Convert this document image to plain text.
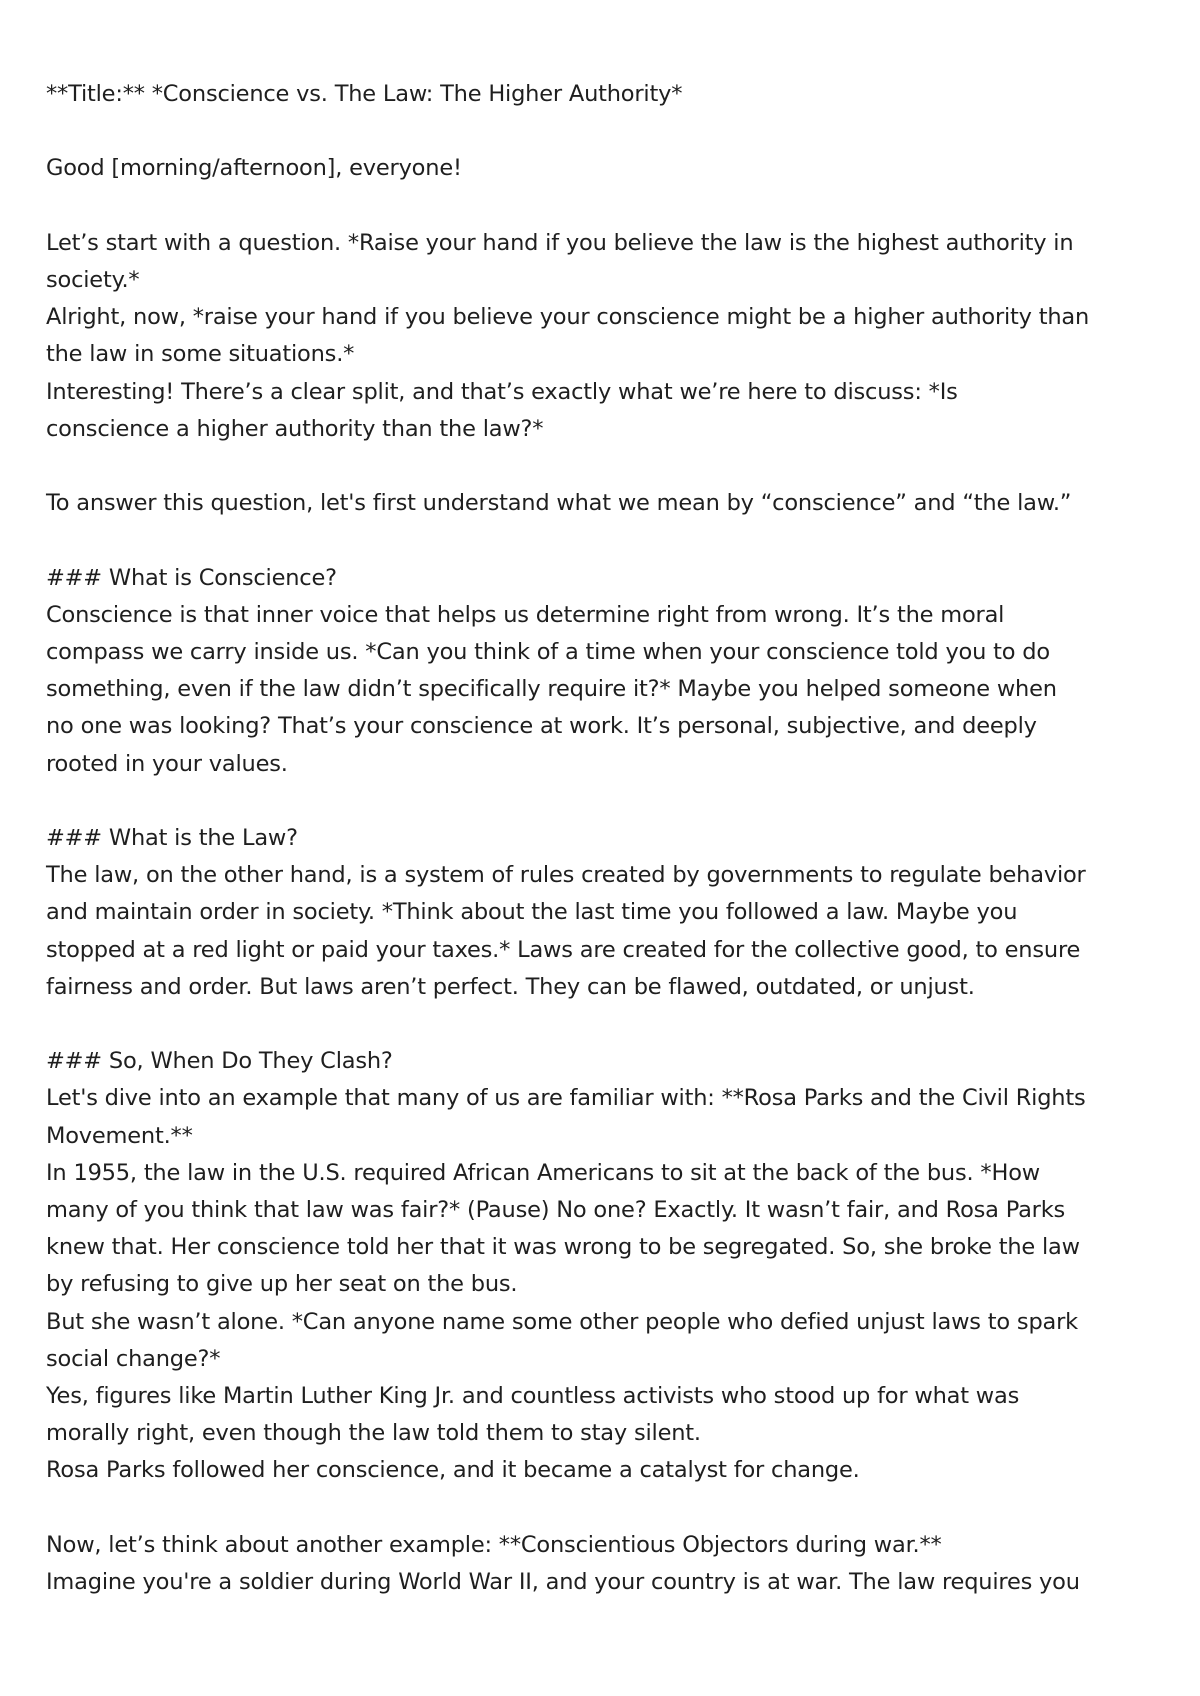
**Title:** *Conscience vs. The Law: The Higher Authority*

Good [morning/afternoon], everyone!

Let’s start with a question. *Raise your hand if you believe the law is the highest authority in

society.*

Alright, now, *raise your hand if you believe your conscience might be a higher authority than

the law in some situations.*

Interesting! There’s a clear split, and that’s exactly what we’re here to discuss: *Is

conscience a higher authority than the law?*

To answer this question, let's first understand what we mean by “conscience” and “the law.”

### What is Conscience?

Conscience is that inner voice that helps us determine right from wrong. It’s the moral

compass we carry inside us. *Can you think of a time when your conscience told you to do

something, even if the law didn’t specifically require it?* Maybe you helped someone when

no one was looking? That’s your conscience at work. It’s personal, subjective, and deeply

rooted in your values.

### What is the Law?

The law, on the other hand, is a system of rules created by governments to regulate behavior

and maintain order in society. *Think about the last time you followed a law. Maybe you

stopped at a red light or paid your taxes.* Laws are created for the collective good, to ensure

fairness and order. But laws aren’t perfect. They can be flawed, outdated, or unjust.

### So, When Do They Clash?

Let's dive into an example that many of us are familiar with: **Rosa Parks and the Civil Rights

Movement.**

In 1955, the law in the U.S. required African Americans to sit at the back of the bus. *How

many of you think that law was fair?* (Pause) No one? Exactly. It wasn’t fair, and Rosa Parks

knew that. Her conscience told her that it was wrong to be segregated. So, she broke the law

by refusing to give up her seat on the bus.

But she wasn’t alone. *Can anyone name some other people who defied unjust laws to spark

social change?*

Yes, figures like Martin Luther King Jr. and countless activists who stood up for what was

morally right, even though the law told them to stay silent.

Rosa Parks followed her conscience, and it became a catalyst for change.

Now, let’s think about another example: **Conscientious Objectors during war.**

Imagine you're a soldier during World War II, and your country is at war. The law requires you
